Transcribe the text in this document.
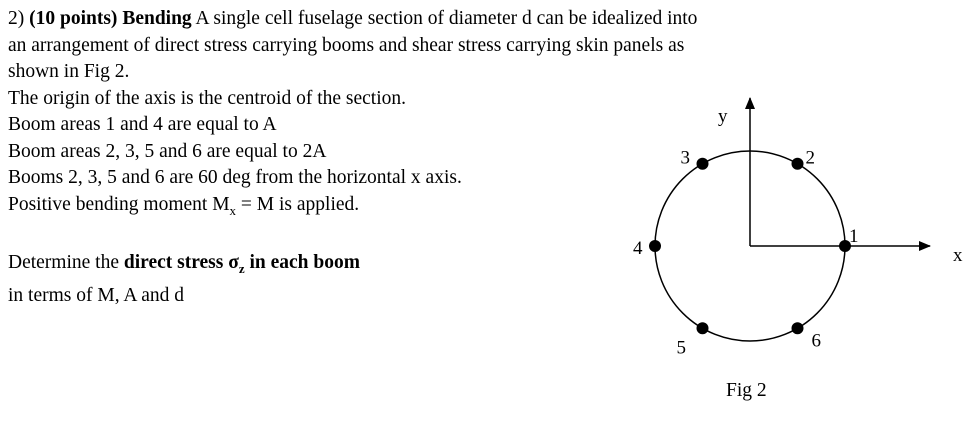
2) (10 points) Bending A single cell fuselage section of diameter d can be idealized into
an arrangement of direct stress carrying booms and shear stress carrying skin panels as
shown in Fig 2.
The origin of the axis is the centroid of the section.
Boom areas 1 and 4 are equal to A
Boom areas 2, 3, 5 and 6 are equal to 2A
Booms 2, 3, 5 and 6 are 60 deg from the horizontal x axis.
Positive bending moment $M_x = M$ is applied.
Determine the direct stress $\sigma_z$ in each boom
in terms of M, A and d
y
x
1
2
3
4
5	6
Fig 2
